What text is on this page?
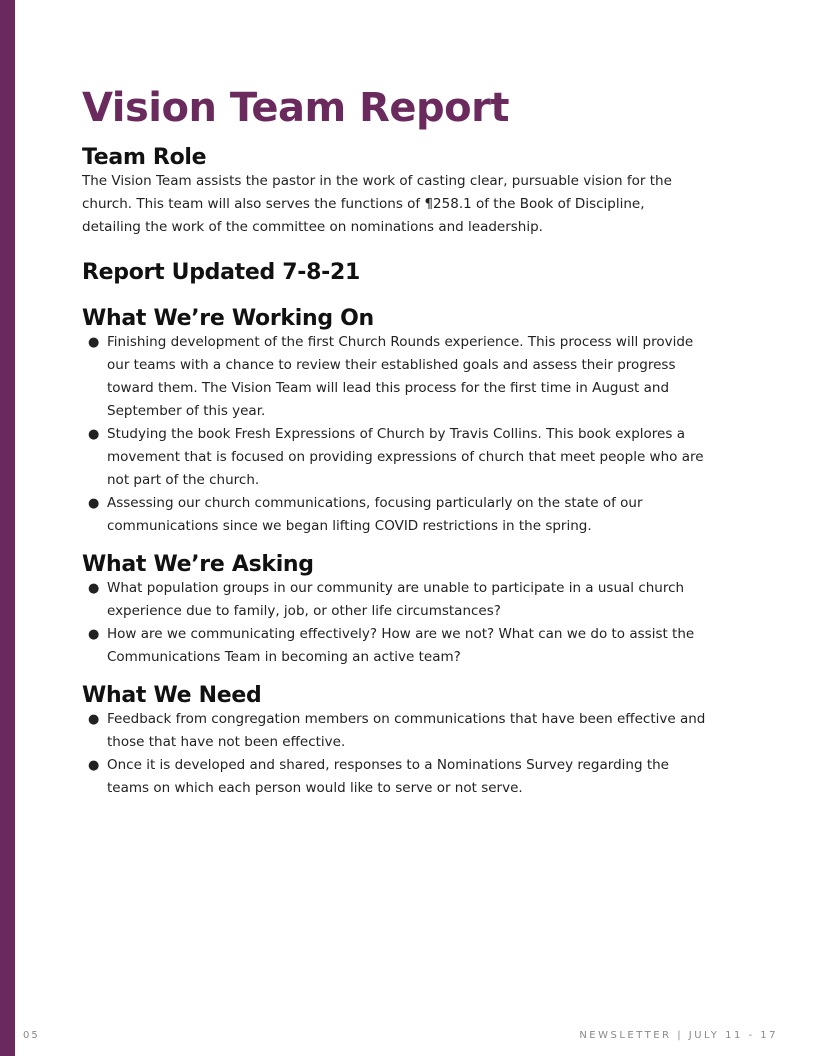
Vision Team Report
Team Role

The Vision Team assists the pastor in the work of casting clear, pursuable vision for the church. This team will also serves the functions of ¶258.1 of the Book of Discipline, detailing the work of the committee on nominations and leadership.

Report Updated 7-8-21
What We’re Working On
● Finishing development of the first Church Rounds experience. This process will provide our teams with a chance to review their established goals and assess their progress toward them. The Vision Team will lead this process for the first time in August and September of this year.
● Studying the book Fresh Expressions of Church by Travis Collins. This book explores a movement that is focused on providing expressions of church that meet people who are not part of the church.
● Assessing our church communications, focusing particularly on the state of our communications since we began lifting COVID restrictions in the spring.
What We’re Asking
● What population groups in our community are unable to participate in a usual church experience due to family, job, or other life circumstances?
● How are we communicating effectively? How are we not? What can we do to assist the Communications Team in becoming an active team?
What We Need
● Feedback from congregation members on communications that have been effective and those that have not been effective.
● Once it is developed and shared, responses to a Nominations Survey regarding the teams on which each person would like to serve or not serve.
05	NEWSLETTER | JULY 11 - 17
